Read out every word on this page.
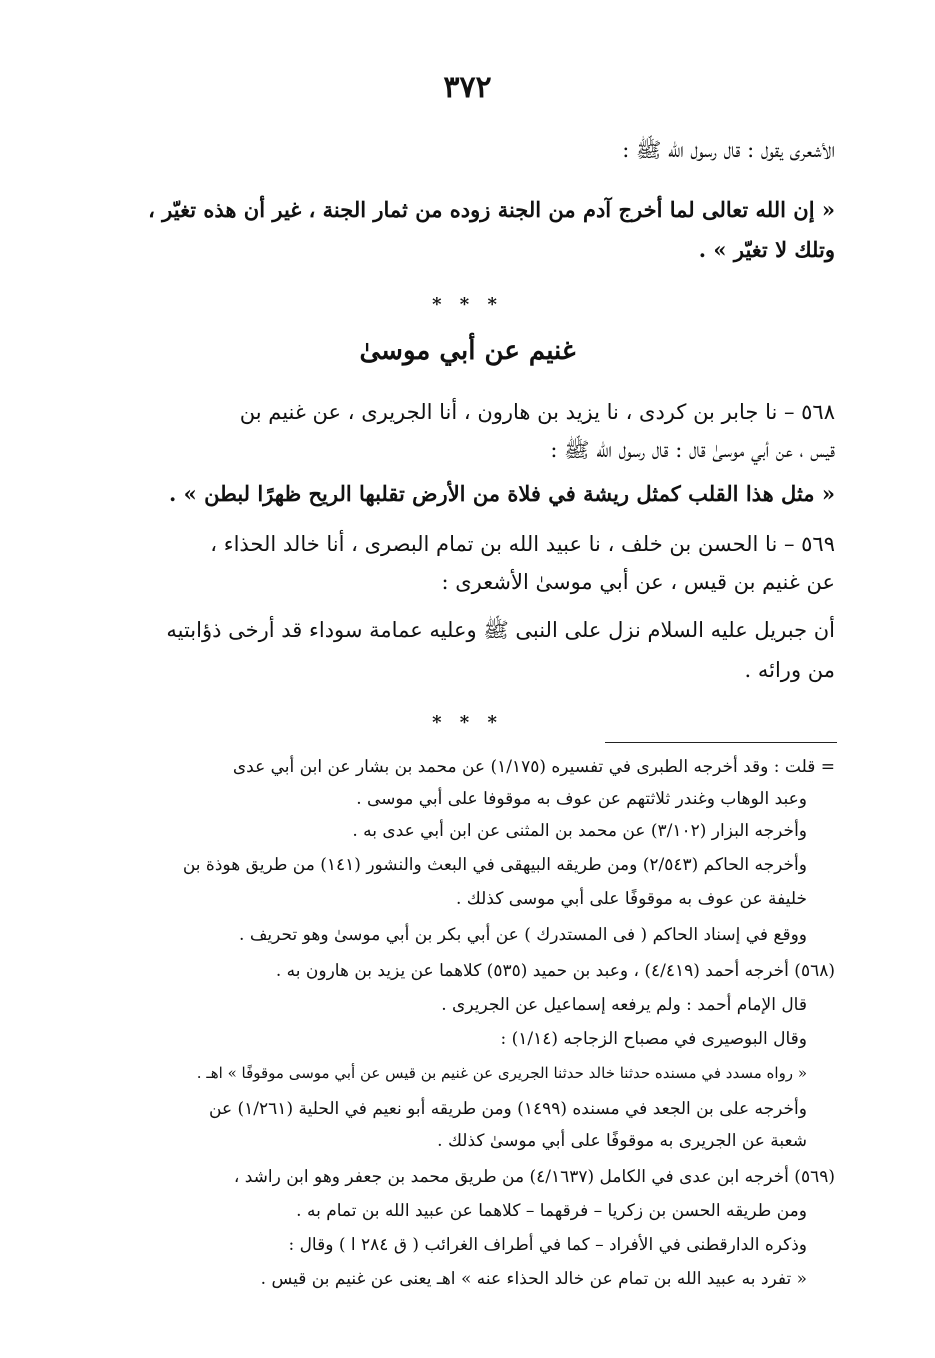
٣٧٢
الأشعرى يقول : قال رسول الله ﷺ :
« إن الله تعالى لما أخرج آدم من الجنة زوده من ثمار الجنة ، غير أن هذه تغيّر ،
وتلك لا تغيّر » .
* * *
غنيم عن أبي موسىٰ
٥٦٨ – نا جابر بن كردى ، نا يزيد بن هارون ، أنا الجريرى ، عن غنيم بن
قيس ، عن أبي موسىٰ قال : قال رسول الله ﷺ :
« مثل هذا القلب كمثل ريشة في فلاة من الأرض تقلبها الريح ظهرًا لبطن » .
٥٦٩ – نا الحسن بن خلف ، نا عبيد الله بن تمام البصرى ، أنا خالد الحذاء ،
عن غنيم بن قيس ، عن أبي موسىٰ الأشعرى :
أن جبريل عليه السلام نزل على النبى ﷺ وعليه عمامة سوداء قد أرخى ذؤابتيه
من ورائه .
* * *
= قلت : وقد أخرجه الطبرى في تفسيره (١/١٧٥) عن محمد بن بشار عن ابن أبي عدى
وعبد الوهاب وغندر ثلاثتهم عن عوف به موقوفا على أبي موسى .
وأخرجه البزار (٣/١٠٢) عن محمد بن المثنى عن ابن أبي عدى به .
وأخرجه الحاكم (٢/٥٤٣) ومن طريقه البيهقى في البعث والنشور (١٤١) من طريق هوذة بن
خليفة عن عوف به موقوفًا على أبي موسى كذلك .
ووقع في إسناد الحاكم ( فى المستدرك ) عن أبي بكر بن أبي موسىٰ وهو تحريف .
(٥٦٨) أخرجه أحمد (٤/٤١٩) ، وعبد بن حميد (٥٣٥) كلاهما عن يزيد بن هارون به .
قال الإمام أحمد : ولم يرفعه إسماعيل عن الجريرى .
وقال البوصيرى في مصباح الزجاجه (١/١٤) :
« رواه مسدد في مسنده حدثنا خالد حدثنا الجريرى عن غنيم بن قيس عن أبي موسى موقوفًا » اهـ .
وأخرجه على بن الجعد في مسنده (١٤٩٩) ومن طريقه أبو نعيم في الحلية (١/٢٦١) عن
شعبة عن الجريرى به موقوفًا على أبي موسىٰ كذلك .
(٥٦٩) أخرجه ابن عدى في الكامل (٤/١٦٣٧) من طريق محمد بن جعفر وهو ابن راشد ،
ومن طريقه الحسن بن زكريا – فرقهما – كلاهما عن عبيد الله بن تمام به .
وذكره الدارقطنى في الأفراد – كما في أطراف الغرائب ( ق ٢٨٤ ا ) وقال :
« تفرد به عبيد الله بن تمام عن خالد الحذاء عنه » اهـ يعنى عن غنيم بن قيس .
